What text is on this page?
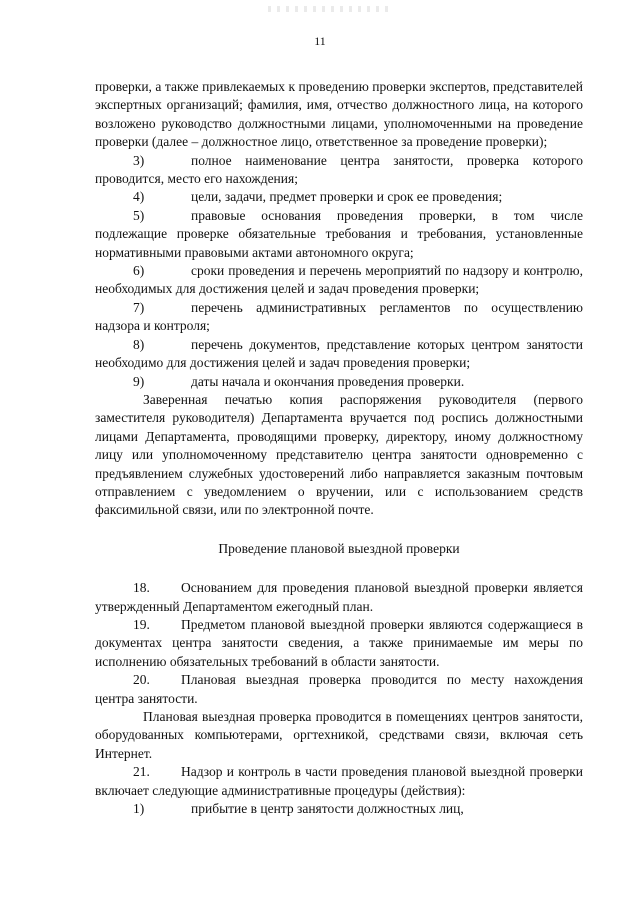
11

проверки, а также привлекаемых к проведению проверки экспертов, представителей экспертных организаций; фамилия, имя, отчество должностного лица, на которого возложено руководство должностными лицами, уполномоченными на проведение проверки (далее – должностное лицо, ответственное за проведение проверки);

3)	полное наименование центра занятости, проверка которого проводится, место его нахождения;

4)	цели, задачи, предмет проверки и срок ее проведения;

5)	правовые основания проведения проверки, в том числе подлежащие проверке обязательные требования и требования, установленные нормативными правовыми актами автономного округа;

6)	сроки проведения и перечень мероприятий по надзору и контролю, необходимых для достижения целей и задач проведения проверки;

7)	перечень административных регламентов по осуществлению надзора и контроля;

8)	перечень документов, представление которых центром занятости необходимо для достижения целей и задач проведения проверки;

9)	даты начала и окончания проведения проверки.

Заверенная печатью копия распоряжения руководителя (первого заместителя руководителя) Департамента вручается под роспись должностными лицами Департамента, проводящими проверку, директору, иному должностному лицу или уполномоченному представителю центра занятости одновременно с предъявлением служебных удостоверений либо направляется заказным почтовым отправлением с уведомлением о вручении, или с использованием средств факсимильной связи, или по электронной почте.

Проведение плановой выездной проверки

18. Основанием для проведения плановой выездной проверки является утвержденный Департаментом ежегодный план.

19. Предметом плановой выездной проверки являются содержащиеся в документах центра занятости сведения, а также принимаемые им меры по исполнению обязательных требований в области занятости.

20. Плановая выездная проверка проводится по месту нахождения центра занятости.

Плановая выездная проверка проводится в помещениях центров занятости, оборудованных компьютерами, оргтехникой, средствами связи, включая сеть Интернет.

21. Надзор и контроль в части проведения плановой выездной проверки включает следующие административные процедуры (действия):

1)	прибытие в центр занятости должностных лиц,
